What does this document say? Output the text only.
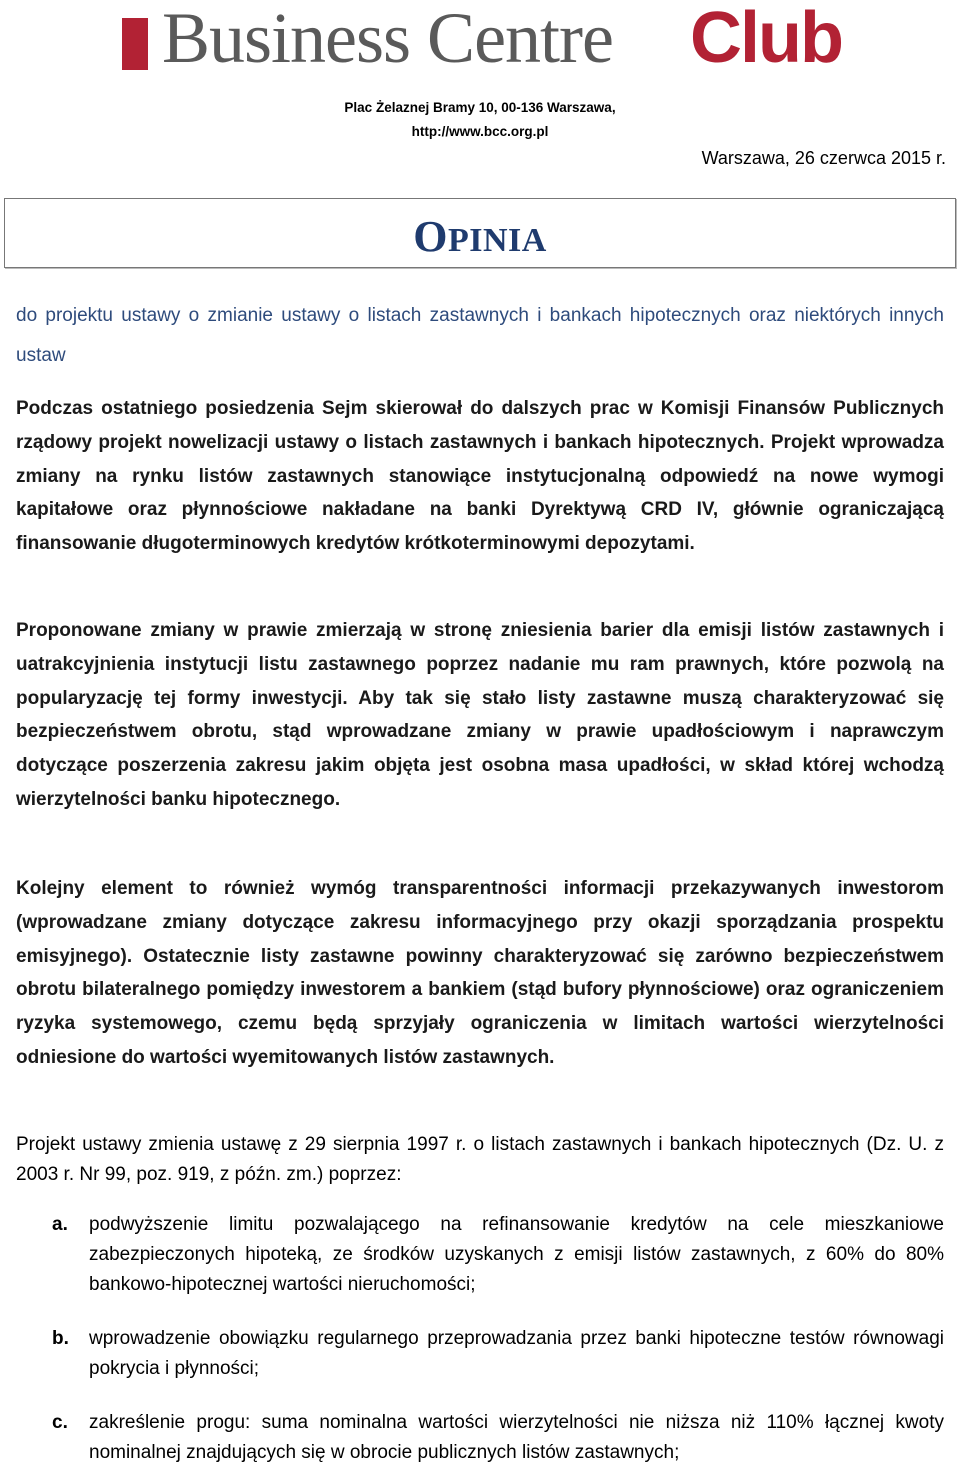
Business Centre Club
Plac Żelaznej Bramy 10, 00-136 Warszawa,
http://www.bcc.org.pl
Warszawa, 26 czerwca 2015 r.
OPINIA
do projektu ustawy o zmianie ustawy o listach zastawnych i bankach hipotecznych oraz niektórych innych ustaw

Podczas ostatniego posiedzenia Sejm skierował do dalszych prac w Komisji Finansów Publicznych rządowy projekt nowelizacji ustawy o listach zastawnych i bankach hipotecznych. Projekt wprowadza zmiany na rynku listów zastawnych stanowiące instytucjonalną odpowiedź na nowe wymogi kapitałowe oraz płynnościowe nakładane na banki Dyrektywą CRD IV, głównie ograniczającą finansowanie długoterminowych kredytów krótkoterminowymi depozytami.

Proponowane zmiany w prawie zmierzają w stronę zniesienia barier dla emisji listów zastawnych i uatrakcyjnienia instytucji listu zastawnego poprzez nadanie mu ram prawnych, które pozwolą na popularyzację tej formy inwestycji. Aby tak się stało listy zastawne muszą charakteryzować się bezpieczeństwem obrotu, stąd wprowadzane zmiany w prawie upadłościowym i naprawczym dotyczące poszerzenia zakresu jakim objęta jest osobna masa upadłości, w skład której wchodzą wierzytelności banku hipotecznego.

Kolejny element to również wymóg transparentności informacji przekazywanych inwestorom (wprowadzane zmiany dotyczące zakresu informacyjnego przy okazji sporządzania prospektu emisyjnego). Ostatecznie listy zastawne powinny charakteryzować się zarówno bezpieczeństwem obrotu bilateralnego pomiędzy inwestorem a bankiem (stąd bufory płynnościowe) oraz ograniczeniem ryzyka systemowego, czemu będą sprzyjały ograniczenia w limitach wartości wierzytelności odniesione do wartości wyemitowanych listów zastawnych.

Projekt ustawy zmienia ustawę z 29 sierpnia 1997 r. o listach zastawnych i bankach hipotecznych (Dz. U. z 2003 r. Nr 99, poz. 919, z późn. zm.) poprzez:

a. podwyższenie limitu pozwalającego na refinansowanie kredytów na cele mieszkaniowe zabezpieczonych hipoteką, ze środków uzyskanych z emisji listów zastawnych, z 60% do 80% bankowo-hipotecznej wartości nieruchomości;
b. wprowadzenie obowiązku regularnego przeprowadzania przez banki hipoteczne testów równowagi pokrycia i płynności;
c. zakreślenie progu: suma nominalna wartości wierzytelności nie niższa niż 110% łącznej kwoty nominalnej znajdujących się w obrocie publicznych listów zastawnych;
